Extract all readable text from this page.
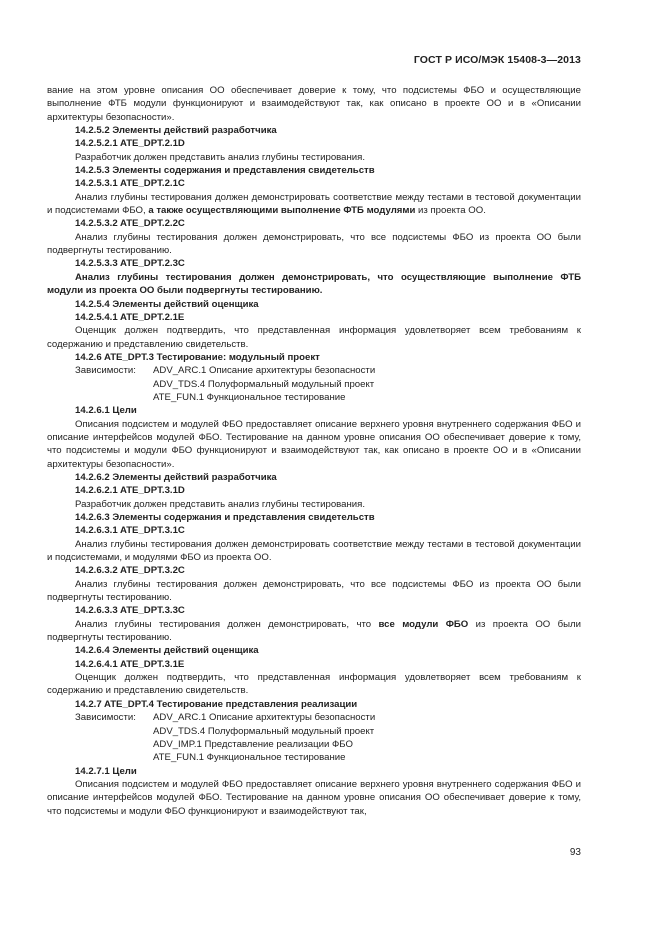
ГОСТ Р ИСО/МЭК 15408-3—2013
вание на этом уровне описания ОО обеспечивает доверие к тому, что подсистемы ФБО и осуществляющие выполнение ФТБ модули функционируют и взаимодействуют так, как описано в проекте ОО и в «Описании архитектуры безопасности».
14.2.5.2 Элементы действий разработчика
14.2.5.2.1 ATE_DPT.2.1D
Разработчик должен представить анализ глубины тестирования.
14.2.5.3 Элементы содержания и представления свидетельств
14.2.5.3.1 ATE_DPT.2.1C
Анализ глубины тестирования должен демонстрировать соответствие между тестами в тестовой документации и подсистемами ФБО, а также осуществляющими выполнение ФТБ модулями из проекта ОО.
14.2.5.3.2 ATE_DPT.2.2C
Анализ глубины тестирования должен демонстрировать, что все подсистемы ФБО из проекта ОО были подвергнуты тестированию.
14.2.5.3.3 ATE_DPT.2.3C
Анализ глубины тестирования должен демонстрировать, что осуществляющие выполнение ФТБ модули из проекта ОО были подвергнуты тестированию.
14.2.5.4 Элементы действий оценщика
14.2.5.4.1 ATE_DPT.2.1E
Оценщик должен подтвердить, что представленная информация удовлетворяет всем требованиям к содержанию и представлению свидетельств.
14.2.6 ATE_DPT.3 Тестирование: модульный проект
Зависимости:	ADV_ARC.1 Описание архитектуры безопасности
ADV_TDS.4 Полуформальный модульный проект
ATE_FUN.1 Функциональное тестирование
14.2.6.1 Цели
Описания подсистем и модулей ФБО предоставляет описание верхнего уровня внутреннего содержания ФБО и описание интерфейсов модулей ФБО. Тестирование на данном уровне описания ОО обеспечивает доверие к тому, что подсистемы и модули ФБО функционируют и взаимодействуют так, как описано в проекте ОО и в «Описании архитектуры безопасности».
14.2.6.2 Элементы действий разработчика
14.2.6.2.1 ATE_DPT.3.1D
Разработчик должен представить анализ глубины тестирования.
14.2.6.3 Элементы содержания и представления свидетельств
14.2.6.3.1 ATE_DPT.3.1C
Анализ глубины тестирования должен демонстрировать соответствие между тестами в тестовой документации и подсистемами, и модулями ФБО из проекта ОО.
14.2.6.3.2 ATE_DPT.3.2C
Анализ глубины тестирования должен демонстрировать, что все подсистемы ФБО из проекта ОО были подвергнуты тестированию.
14.2.6.3.3 ATE_DPT.3.3C
Анализ глубины тестирования должен демонстрировать, что все модули ФБО из проекта ОО были подвергнуты тестированию.
14.2.6.4 Элементы действий оценщика
14.2.6.4.1 ATE_DPT.3.1E
Оценщик должен подтвердить, что представленная информация удовлетворяет всем требованиям к содержанию и представлению свидетельств.
14.2.7 ATE_DPT.4 Тестирование представления реализации
Зависимости:	ADV_ARC.1 Описание архитектуры безопасности
ADV_TDS.4 Полуформальный модульный проект
ADV_IMP.1 Представление реализации ФБО
ATE_FUN.1 Функциональное тестирование
14.2.7.1 Цели
Описания подсистем и модулей ФБО предоставляет описание верхнего уровня внутреннего содержания ФБО и описание интерфейсов модулей ФБО. Тестирование на данном уровне описания ОО обеспечивает доверие к тому, что подсистемы и модули ФБО функционируют и взаимодействуют так,
93
